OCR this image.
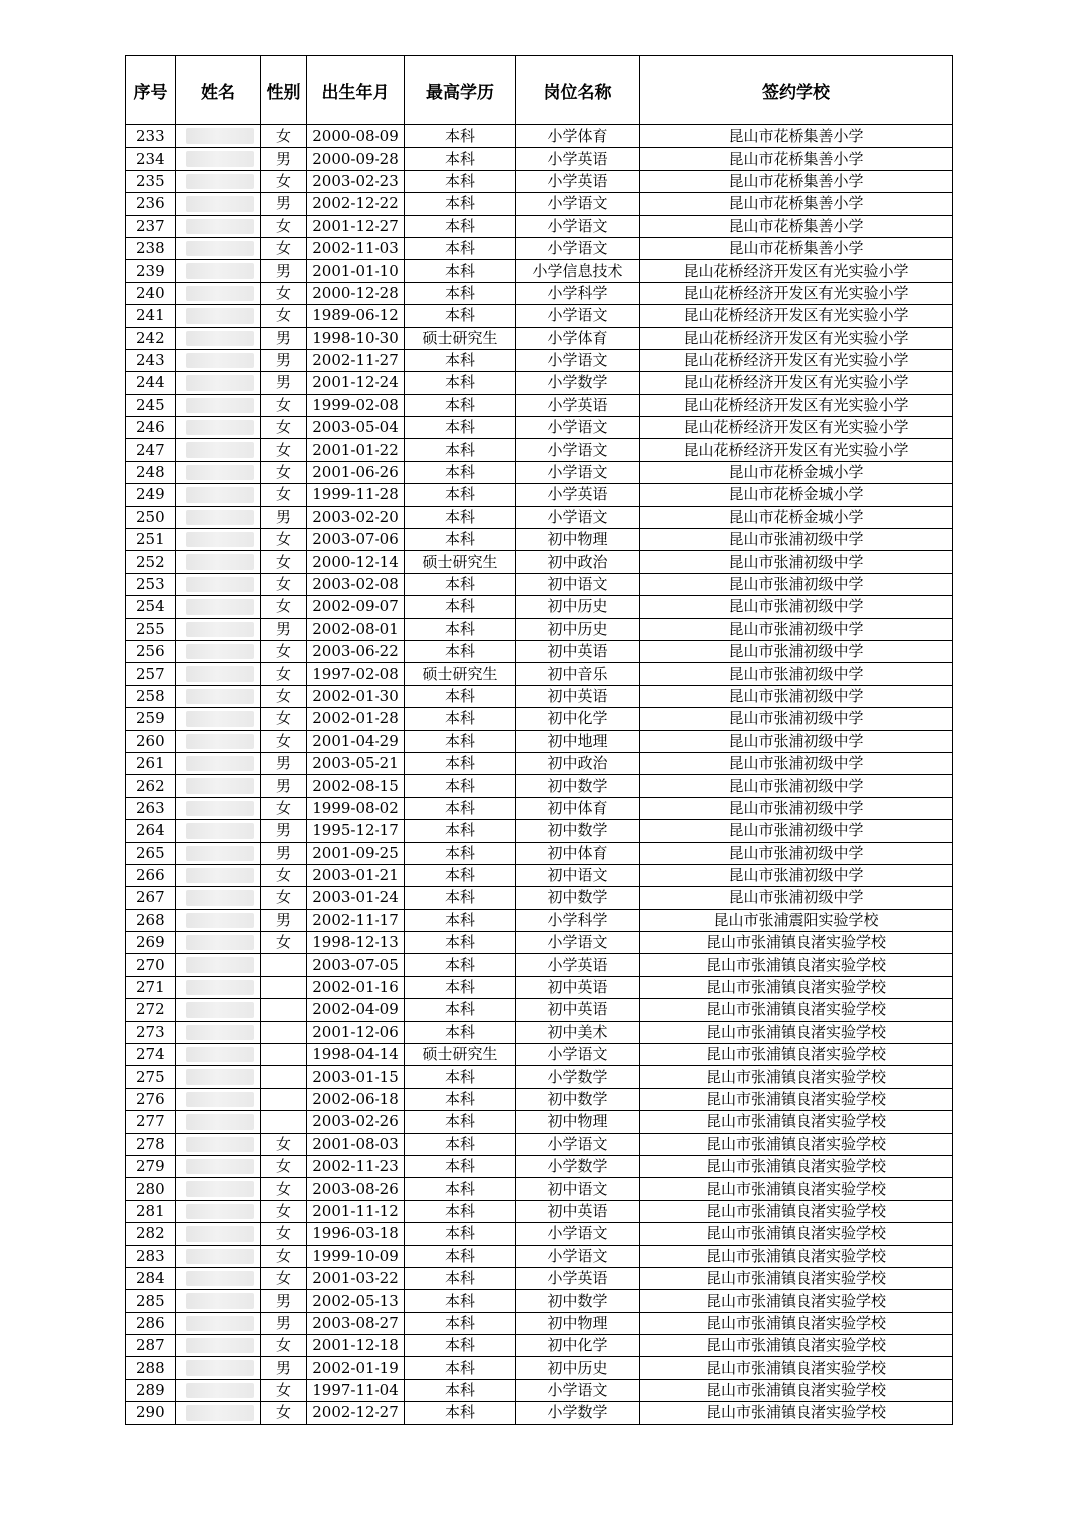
序号	姓名	性别	出生年月	最高学历	岗位名称	签约学校
233		女	2000-08-09	本科	小学体育	昆山市花桥集善小学
234		男	2000-09-28	本科	小学英语	昆山市花桥集善小学
235		女	2003-02-23	本科	小学英语	昆山市花桥集善小学
236		男	2002-12-22	本科	小学语文	昆山市花桥集善小学
237		女	2001-12-27	本科	小学语文	昆山市花桥集善小学
238		女	2002-11-03	本科	小学语文	昆山市花桥集善小学
239		男	2001-01-10	本科	小学信息技术	昆山花桥经济开发区有光实验小学
240		女	2000-12-28	本科	小学科学	昆山花桥经济开发区有光实验小学
241		女	1989-06-12	本科	小学语文	昆山花桥经济开发区有光实验小学
242		男	1998-10-30	硕士研究生	小学体育	昆山花桥经济开发区有光实验小学
243		男	2002-11-27	本科	小学语文	昆山花桥经济开发区有光实验小学
244		男	2001-12-24	本科	小学数学	昆山花桥经济开发区有光实验小学
245		女	1999-02-08	本科	小学英语	昆山花桥经济开发区有光实验小学
246		女	2003-05-04	本科	小学语文	昆山花桥经济开发区有光实验小学
247		女	2001-01-22	本科	小学语文	昆山花桥经济开发区有光实验小学
248		女	2001-06-26	本科	小学语文	昆山市花桥金城小学
249		女	1999-11-28	本科	小学英语	昆山市花桥金城小学
250		男	2003-02-20	本科	小学语文	昆山市花桥金城小学
251		女	2003-07-06	本科	初中物理	昆山市张浦初级中学
252		女	2000-12-14	硕士研究生	初中政治	昆山市张浦初级中学
253		女	2003-02-08	本科	初中语文	昆山市张浦初级中学
254		女	2002-09-07	本科	初中历史	昆山市张浦初级中学
255		男	2002-08-01	本科	初中历史	昆山市张浦初级中学
256		女	2003-06-22	本科	初中英语	昆山市张浦初级中学
257		女	1997-02-08	硕士研究生	初中音乐	昆山市张浦初级中学
258		女	2002-01-30	本科	初中英语	昆山市张浦初级中学
259		女	2002-01-28	本科	初中化学	昆山市张浦初级中学
260		女	2001-04-29	本科	初中地理	昆山市张浦初级中学
261		男	2003-05-21	本科	初中政治	昆山市张浦初级中学
262		男	2002-08-15	本科	初中数学	昆山市张浦初级中学
263		女	1999-08-02	本科	初中体育	昆山市张浦初级中学
264		男	1995-12-17	本科	初中数学	昆山市张浦初级中学
265		男	2001-09-25	本科	初中体育	昆山市张浦初级中学
266		女	2003-01-21	本科	初中语文	昆山市张浦初级中学
267		女	2003-01-24	本科	初中数学	昆山市张浦初级中学
268		男	2002-11-17	本科	小学科学	昆山市张浦震阳实验学校
269		女	1998-12-13	本科	小学语文	昆山市张浦镇良渚实验学校
270			2003-07-05	本科	小学英语	昆山市张浦镇良渚实验学校
271			2002-01-16	本科	初中英语	昆山市张浦镇良渚实验学校
272			2002-04-09	本科	初中英语	昆山市张浦镇良渚实验学校
273			2001-12-06	本科	初中美术	昆山市张浦镇良渚实验学校
274			1998-04-14	硕士研究生	小学语文	昆山市张浦镇良渚实验学校
275			2003-01-15	本科	小学数学	昆山市张浦镇良渚实验学校
276			2002-06-18	本科	初中数学	昆山市张浦镇良渚实验学校
277			2003-02-26	本科	初中物理	昆山市张浦镇良渚实验学校
278		女	2001-08-03	本科	小学语文	昆山市张浦镇良渚实验学校
279		女	2002-11-23	本科	小学数学	昆山市张浦镇良渚实验学校
280		女	2003-08-26	本科	初中语文	昆山市张浦镇良渚实验学校
281		女	2001-11-12	本科	初中英语	昆山市张浦镇良渚实验学校
282		女	1996-03-18	本科	小学语文	昆山市张浦镇良渚实验学校
283		女	1999-10-09	本科	小学语文	昆山市张浦镇良渚实验学校
284		女	2001-03-22	本科	小学英语	昆山市张浦镇良渚实验学校
285		男	2002-05-13	本科	初中数学	昆山市张浦镇良渚实验学校
286		男	2003-08-27	本科	初中物理	昆山市张浦镇良渚实验学校
287		女	2001-12-18	本科	初中化学	昆山市张浦镇良渚实验学校
288		男	2002-01-19	本科	初中历史	昆山市张浦镇良渚实验学校
289		女	1997-11-04	本科	小学语文	昆山市张浦镇良渚实验学校
290		女	2002-12-27	本科	小学数学	昆山市张浦镇良渚实验学校
